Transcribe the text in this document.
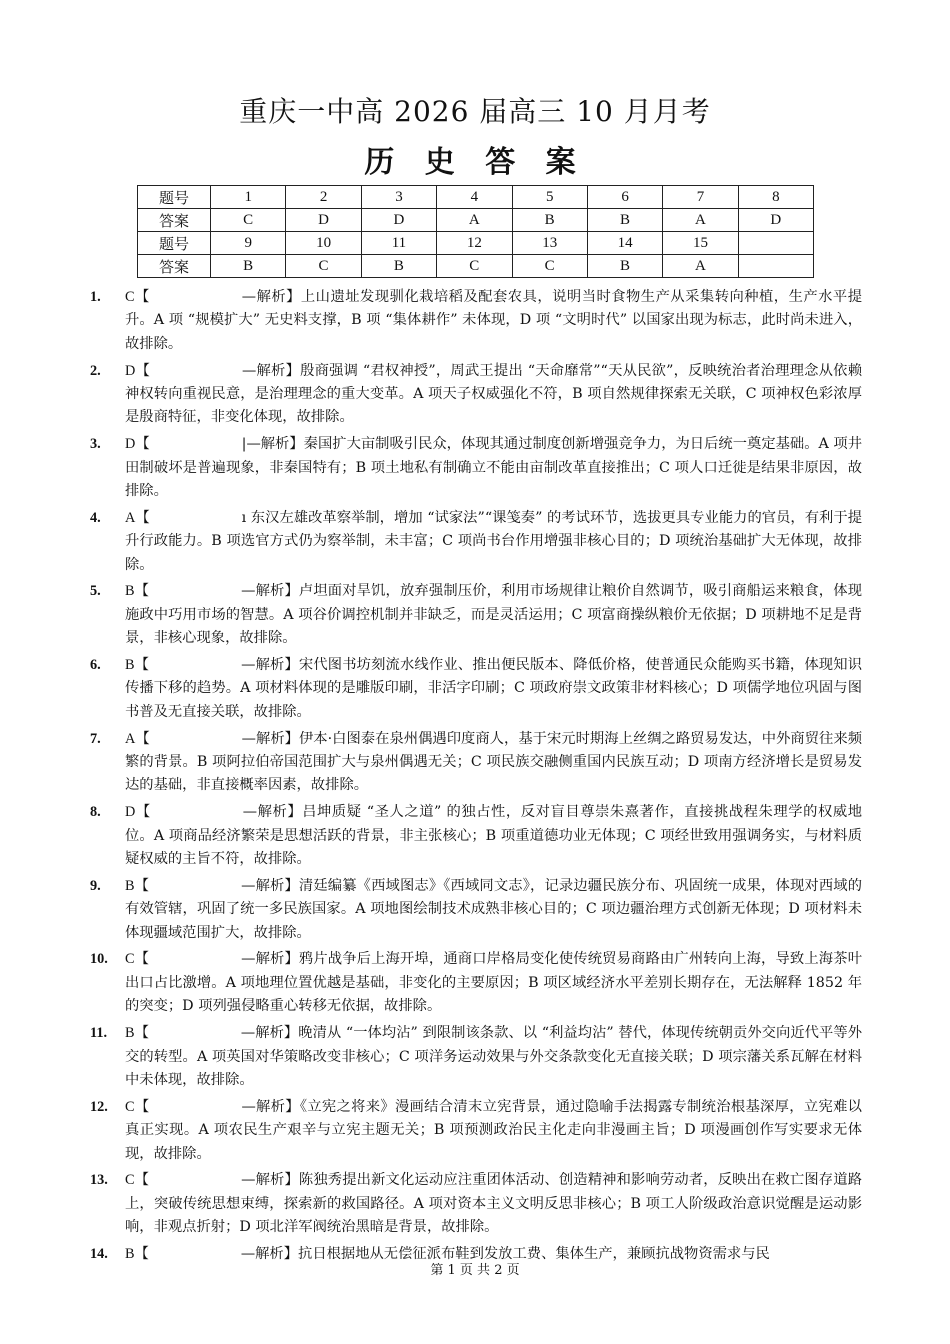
重庆一中高 2026 届高三 10 月月考
历 史 答 案
题号	1	2	3	4	5	6	7	8
答案	C	D	D	A	B	B	A	D
题号	9	10	11	12	13	14	15	
答案	B	C	B	C	C	B	A	
1. C【	—解析】上山遗址发现驯化栽培稻及配套农具，说明当时食物生产从采集转向种植，生产水平提升。A 项 “规模扩大” 无史料支撑，B 项 “集体耕作” 未体现，D 项 “文明时代” 以国家出现为标志，此时尚未进入，故排除。
2. D【	—解析】殷商强调 “君权神授”，周武王提出 “天命靡常”“天从民欲”，反映统治者治理理念从依赖神权转向重视民意，是治理理念的重大变革。A 项天子权威强化不符，B 项自然规律探索无关联，C 项神权色彩浓厚是殷商特征，非变化体现，故排除。
3. D【	|—解析】秦国扩大亩制吸引民众，体现其通过制度创新增强竞争力，为日后统一奠定基础。A 项井田制破坏是普遍现象，非秦国特有；B 项土地私有制确立不能由亩制改革直接推出；C 项人口迁徙是结果非原因，故排除。
4. A【	ı 东汉左雄改革察举制，增加 “试家法”“课笺奏” 的考试环节，选拔更具专业能力的官员，有利于提升行政能力。B 项选官方式仍为察举制，未丰富；C 项尚书台作用增强非核心目的；D 项统治基础扩大无体现，故排除。
5. B【	—解析】卢坦面对旱饥，放弃强制压价，利用市场规律让粮价自然调节，吸引商船运来粮食，体现施政中巧用市场的智慧。A 项谷价调控机制并非缺乏，而是灵活运用；C 项富商操纵粮价无依据；D 项耕地不足是背景，非核心现象，故排除。
6. B【	—解析】宋代图书坊刻流水线作业、推出便民版本、降低价格，使普通民众能购买书籍，体现知识传播下移的趋势。A 项材料体现的是雕版印刷，非活字印刷；C 项政府崇文政策非材料核心；D 项儒学地位巩固与图书普及无直接关联，故排除。
7. A【	—解析】伊本·白图泰在泉州偶遇印度商人，基于宋元时期海上丝绸之路贸易发达，中外商贸往来频繁的背景。B 项阿拉伯帝国范围扩大与泉州偶遇无关；C 项民族交融侧重国内民族互动；D 项南方经济增长是贸易发达的基础，非直接概率因素，故排除。
8. D【	—解析】吕坤质疑 “圣人之道” 的独占性，反对盲目尊崇朱熹著作，直接挑战程朱理学的权威地位。A 项商品经济繁荣是思想活跃的背景，非主张核心；B 项重道德功业无体现；C 项经世致用强调务实，与材料质疑权威的主旨不符，故排除。
9. B【	—解析】清廷编纂《西域图志》《西域同文志》，记录边疆民族分布、巩固统一成果，体现对西域的有效管辖，巩固了统一多民族国家。A 项地图绘制技术成熟非核心目的；C 项边疆治理方式创新无体现；D 项材料未体现疆域范围扩大，故排除。
10. C【	—解析】鸦片战争后上海开埠，通商口岸格局变化使传统贸易商路由广州转向上海，导致上海茶叶出口占比激增。A 项地理位置优越是基础，非变化的主要原因；B 项区域经济水平差别长期存在，无法解释 1852 年的突变；D 项列强侵略重心转移无依据，故排除。
11. B【	—解析】晚清从 “一体均沾” 到限制该条款、以 “利益均沾” 替代，体现传统朝贡外交向近代平等外交的转型。A 项英国对华策略改变非核心；C 项洋务运动效果与外交条款变化无直接关联；D 项宗藩关系瓦解在材料中未体现，故排除。
12. C【	—解析】《立宪之将来》漫画结合清末立宪背景，通过隐喻手法揭露专制统治根基深厚，立宪难以真正实现。A 项农民生产艰辛与立宪主题无关；B 项预测政治民主化走向非漫画主旨；D 项漫画创作写实要求无体现，故排除。
13. C【	—解析】陈独秀提出新文化运动应注重团体活动、创造精神和影响劳动者，反映出在救亡图存道路上，突破传统思想束缚，探索新的救国路径。A 项对资本主义文明反思非核心；B 项工人阶级政治意识觉醒是运动影响，非观点折射；D 项北洋军阀统治黑暗是背景，故排除。
14. B【	—解析】抗日根据地从无偿征派布鞋到发放工费、集体生产，兼顾抗战物资需求与民
第 1 页 共 2 页
